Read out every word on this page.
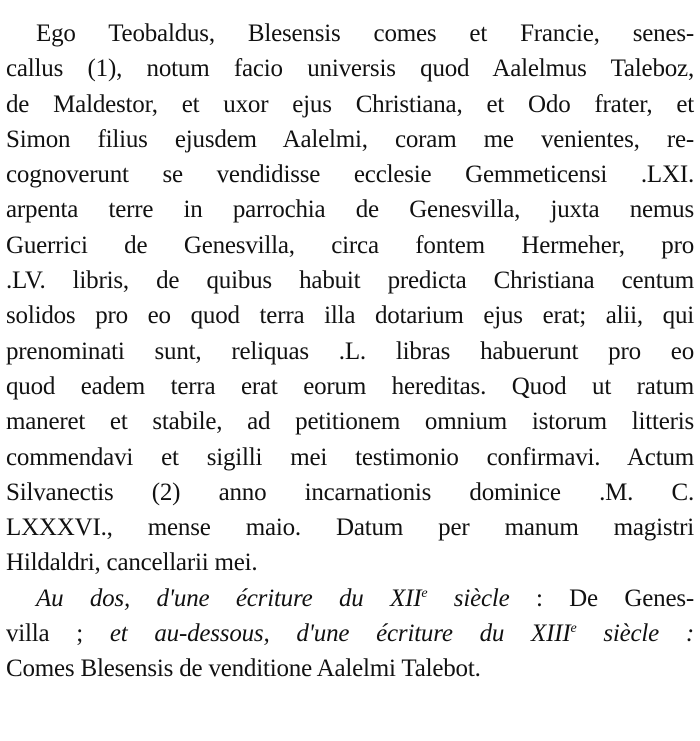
Ego Teobaldus, Blesensis comes et Francie, senes-
callus (1), notum facio universis quod Aalelmus Taleboz,
de Maldestor, et uxor ejus Christiana, et Odo frater, et
Simon filius ejusdem Aalelmi, coram me venientes, re-
cognoverunt se vendidisse ecclesie Gemmeticensi .LXI.
arpenta terre in parrochia de Genesvilla, juxta nemus
Guerrici de Genesvilla, circa fontem Hermeher, pro
.LV. libris, de quibus habuit predicta Christiana centum
solidos pro eo quod terra illa dotarium ejus erat; alii, qui
prenominati sunt, reliquas .L. libras habuerunt pro eo
quod eadem terra erat eorum hereditas. Quod ut ratum
maneret et stabile, ad petitionem omnium istorum litteris
commendavi et sigilli mei testimonio confirmavi. Actum
Silvanectis (2) anno incarnationis dominice .M. C.
LXXXVI., mense maio. Datum per manum magistri
Hildaldri, cancellarii mei.
Au dos, d'une écriture du XIIe siècle : De Genes-
villa ; et au-dessous, d'une écriture du XIIIe siècle :
Comes Blesensis de venditione Aalelmi Talebot.
